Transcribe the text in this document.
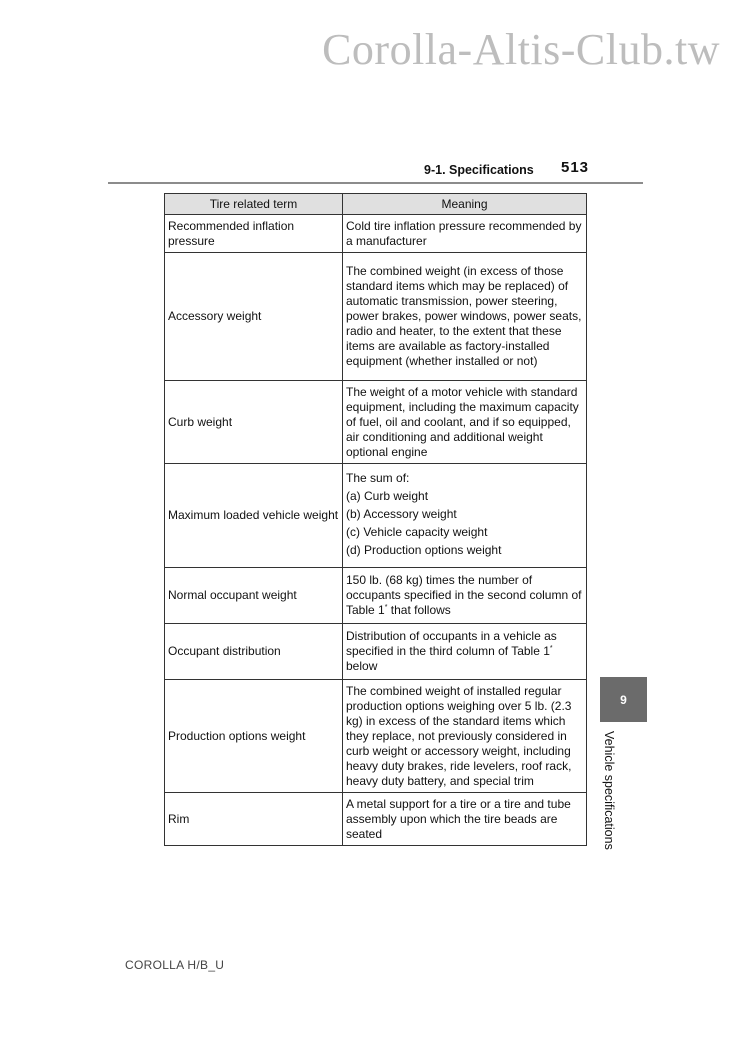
Corolla-Altis-Club.tw
9-1. Specifications 513
Tire related term	Meaning
Recommended inflation pressure	Cold tire inflation pressure recommended by a manufacturer
Accessory weight	The combined weight (in excess of those standard items which may be replaced) of automatic transmission, power steering, power brakes, power windows, power seats, radio and heater, to the extent that these items are available as factory-installed equipment (whether installed or not)
Curb weight	The weight of a motor vehicle with standard equipment, including the maximum capacity of fuel, oil and coolant, and if so equipped, air conditioning and additional weight optional engine
Maximum loaded vehicle weight	The sum of:
(a) Curb weight
(b) Accessory weight
(c) Vehicle capacity weight
(d) Production options weight

Normal occupant weight	150 lb. (68 kg) times the number of occupants specified in the second column of Table 1* that follows
Occupant distribution	Distribution of occupants in a vehicle as specified in the third column of Table 1* below
Production options weight	The combined weight of installed regular production options weighing over 5 lb. (2.3 kg) in excess of the standard items which they replace, not previously considered in curb weight or accessory weight, including heavy duty brakes, ride levelers, roof rack, heavy duty battery, and special trim
Rim	A metal support for a tire or a tire and tube assembly upon which the tire beads are seated
9
Vehicle specifications
COROLLA H/B_U
